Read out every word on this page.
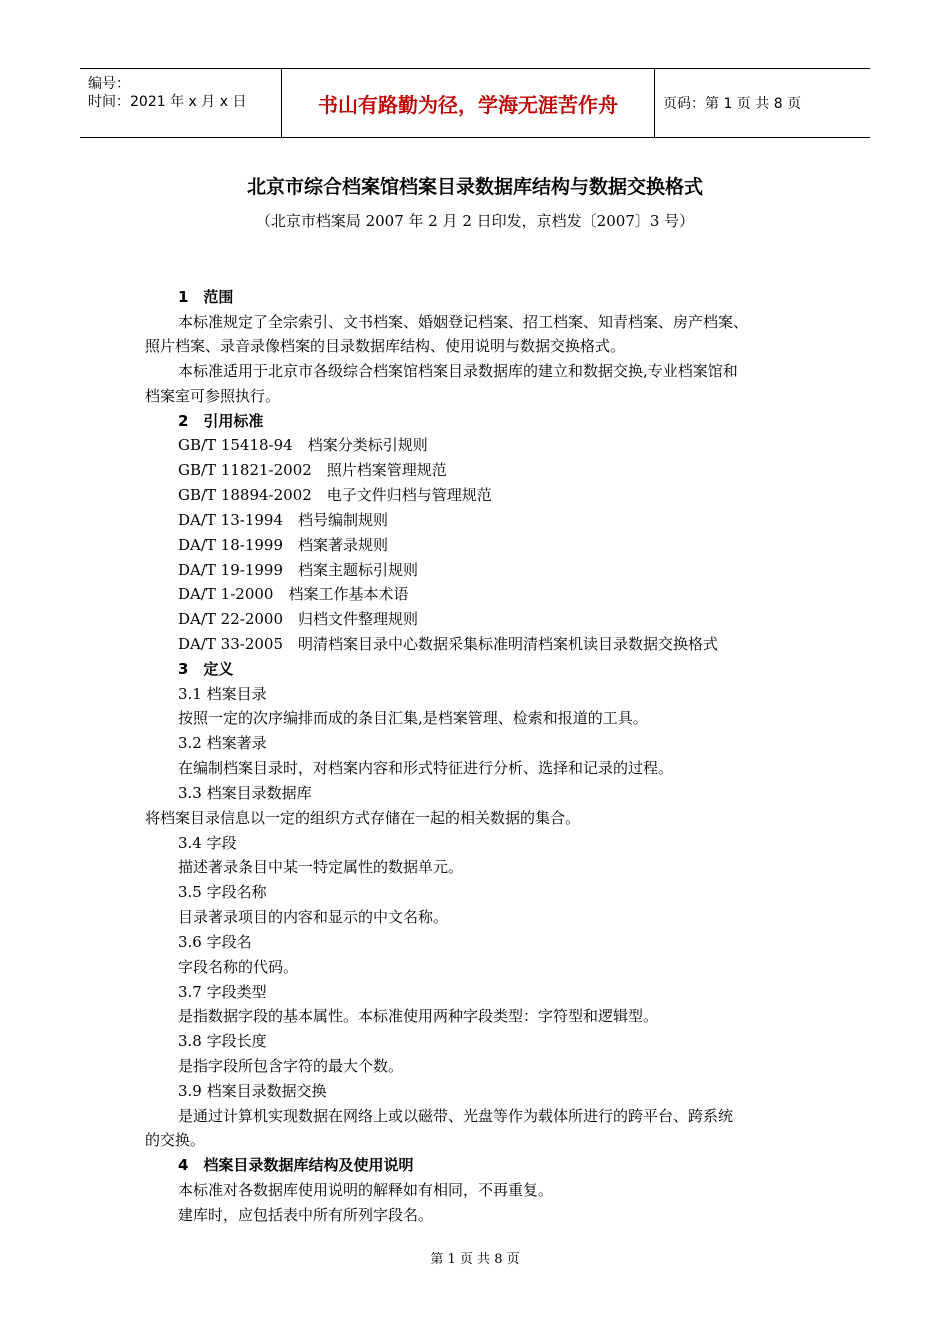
编号：
时间：2021 年 x 月 x 日	书山有路勤为径，学海无涯苦作舟	页码：第 1 页 共 8 页
北京市综合档案馆档案目录数据库结构与数据交换格式
（北京市档案局 2007 年 2 月 2 日印发，京档发〔2007〕3 号）
1　范围
本标准规定了全宗索引、文书档案、婚姻登记档案、招工档案、知青档案、房产档案、
照片档案、录音录像档案的目录数据库结构、使用说明与数据交换格式。
本标准适用于北京市各级综合档案馆档案目录数据库的建立和数据交换,专业档案馆和
档案室可参照执行。
2　引用标准
GB/T 15418-94　档案分类标引规则
GB/T 11821-2002　照片档案管理规范
GB/T 18894-2002　电子文件归档与管理规范
DA/T 13-1994　档号编制规则
DA/T 18-1999　档案著录规则
DA/T 19-1999　档案主题标引规则
DA/T 1-2000　档案工作基本术语
DA/T 22-2000　归档文件整理规则
DA/T 33-2005　明清档案目录中心数据采集标准明清档案机读目录数据交换格式
3　定义
3.1 档案目录
按照一定的次序编排而成的条目汇集,是档案管理、检索和报道的工具。
3.2 档案著录
在编制档案目录时，对档案内容和形式特征进行分析、选择和记录的过程。
3.3 档案目录数据库
将档案目录信息以一定的组织方式存储在一起的相关数据的集合。
3.4 字段
描述著录条目中某一特定属性的数据单元。
3.5 字段名称
目录著录项目的内容和显示的中文名称。
3.6 字段名
字段名称的代码。
3.7 字段类型
是指数据字段的基本属性。本标准使用两种字段类型：字符型和逻辑型。
3.8 字段长度
是指字段所包含字符的最大个数。
3.9 档案目录数据交换
是通过计算机实现数据在网络上或以磁带、光盘等作为载体所进行的跨平台、跨系统
的交换。
4　档案目录数据库结构及使用说明
本标准对各数据库使用说明的解释如有相同，不再重复。
建库时，应包括表中所有所列字段名。
第 1 页 共 8 页
